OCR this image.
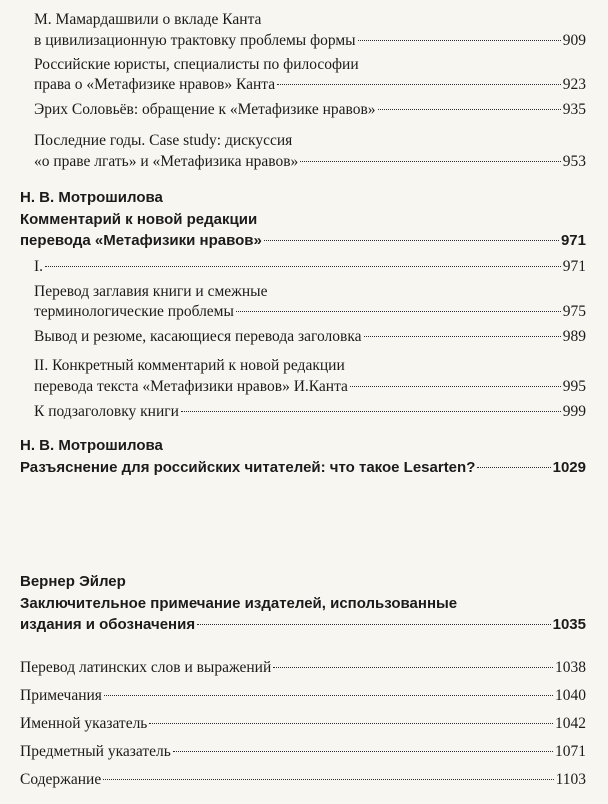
М. Мамардашвили о вкладе Канта
в цивилизационную трактовку проблемы формы	909
Российские юристы, специалисты по философии
права о «Метафизике нравов» Канта	923
Эрих Соловьёв: обращение к «Метафизике нравов»	935
Последние годы. Case study: дискуссия
«о праве лгать» и «Метафизика нравов»	953
Н. В. Мотрошилова
Комментарий к новой редакции
перевода «Метафизики нравов»	971
I.	971
Перевод заглавия книги и смежные
терминологические проблемы	975
Вывод и резюме, касающиеся перевода заголовка	989
II. Конкретный комментарий к новой редакции
перевода текста «Метафизики нравов» И.Канта	995
К подзаголовку книги	999
Н. В. Мотрошилова
Разъяснение для российских читателей: что такое Lesarten?	1029
Вернер Эйлер
Заключительное примечание издателей, использованные
издания и обозначения	1035
Перевод латинских слов и выражений	1038
Примечания	1040
Именной указатель	1042
Предметный указатель	1071
Содержание	1103
